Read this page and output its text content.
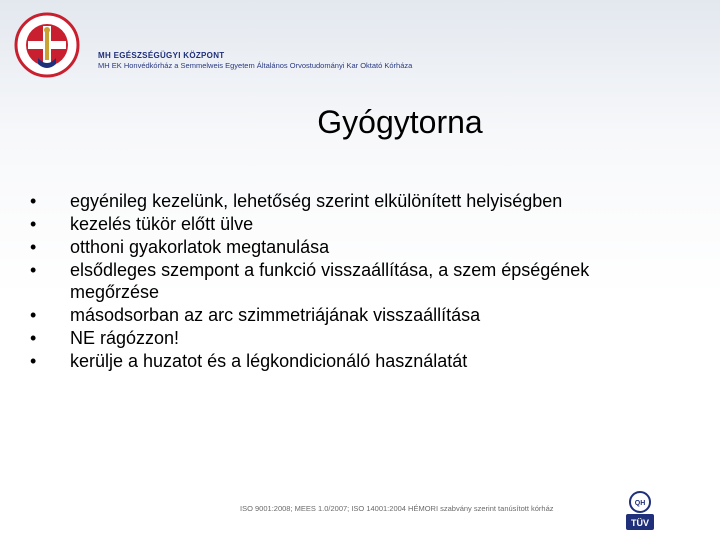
MH EGÉSZSÉGÜGYI KÖZPONT
MH EK Honvédkórház a Semmelweis Egyetem Általános Orvostudományi Kar Oktató Kórháza
Gyógytorna
• egyénileg kezelünk, lehetőség szerint elkülönített helyiségben
• kezelés tükör előtt ülve
• otthoni gyakorlatok megtanulása
• elsődleges szempont a funkció visszaállítása, a szem épségének megőrzése
• másodsorban az arc szimmetriájának visszaállítása
• NE rágózzon!
• kerülje a huzatot és a légkondicionáló használatát
ISO 9001:2008; MEES 1.0/2007; ISO 14001:2004 HÉMORI szabvány szerint tanúsított kórház
QH
TÜV
